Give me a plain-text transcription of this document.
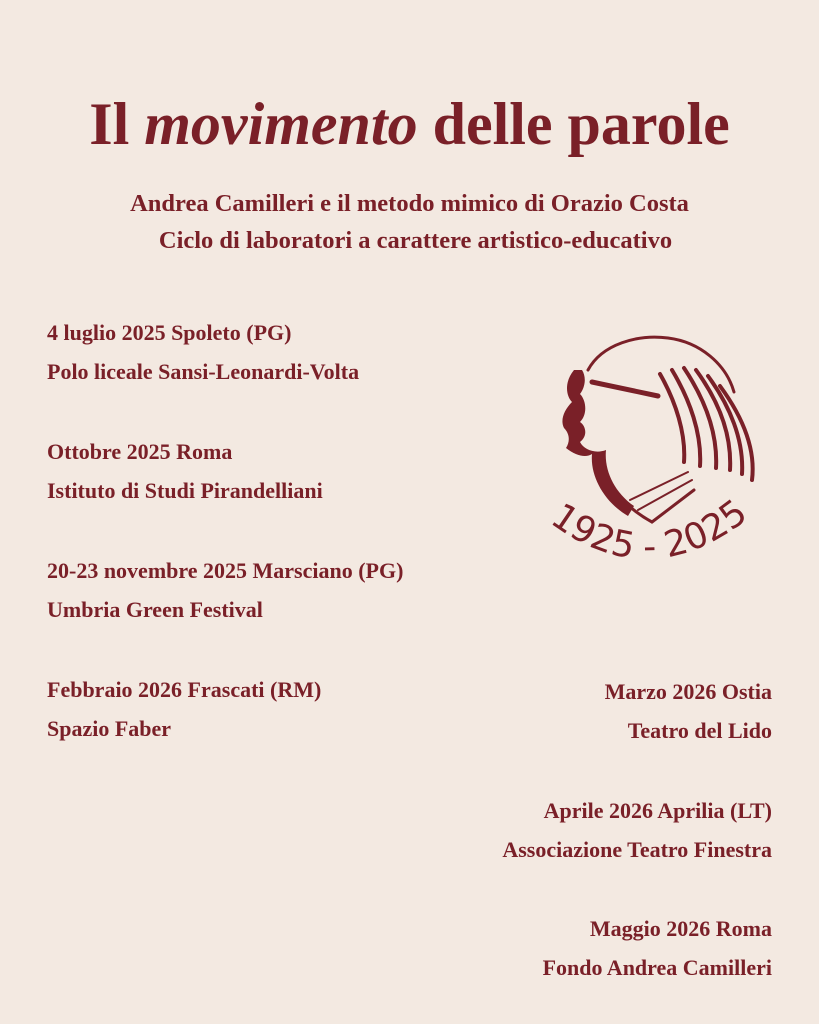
Il movimento delle parole

Andrea Camilleri e il metodo mimico di Orazio Costa

Ciclo di laboratori a carattere artistico-educativo

4 luglio 2025 Spoleto (PG)
Polo liceale Sansi-Leonardi-Volta
Ottobre 2025 Roma
Istituto di Studi Pirandelliani
20-23 novembre 2025 Marsciano (PG)
Umbria Green Festival
Febbraio 2026 Frascati (RM)
Spazio Faber
Marzo 2026 Ostia
Teatro del Lido
Aprile 2026 Aprilia (LT)
Associazione Teatro Finestra
Maggio 2026 Roma
Fondo Andrea Camilleri
1925 - 2025
